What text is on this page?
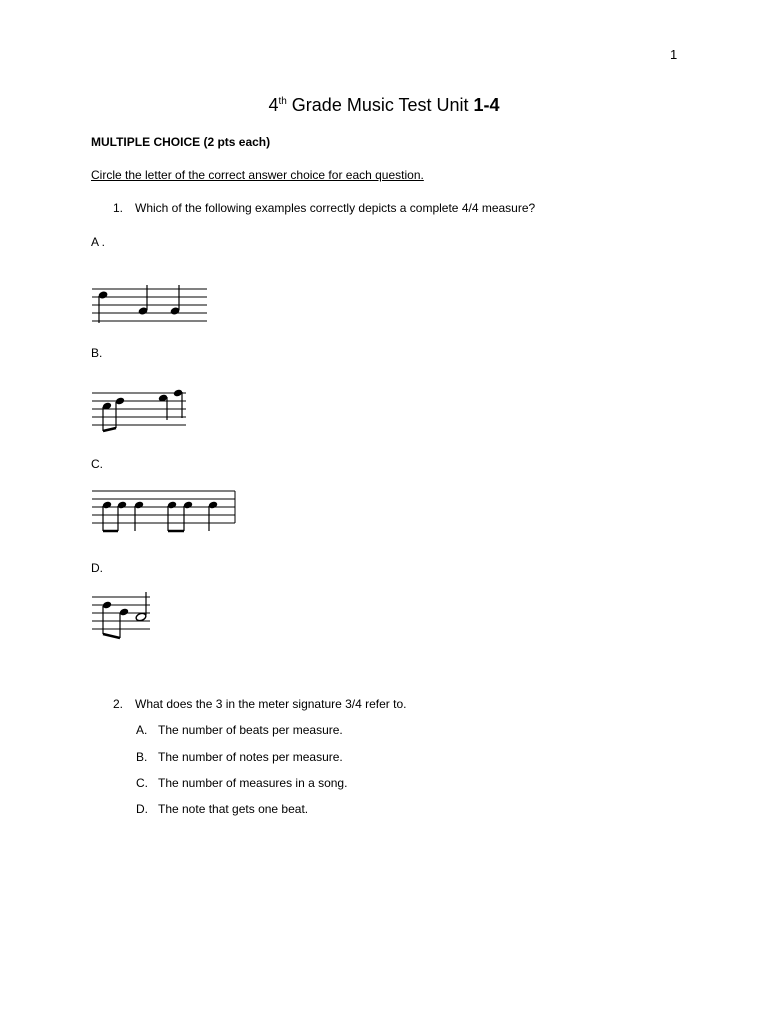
1
4th Grade Music Test Unit 1-4
MULTIPLE CHOICE (2 pts each)
Circle the letter of the correct answer choice for each question.
1. Which of the following examples correctly depicts a complete 4/4 measure?
A .
B.
C.
D.
2. What does the 3 in the meter signature 3/4 refer to.
A. The number of beats per measure.
B. The number of notes per measure.
C. The number of measures in a song.
D. The note that gets one beat.
